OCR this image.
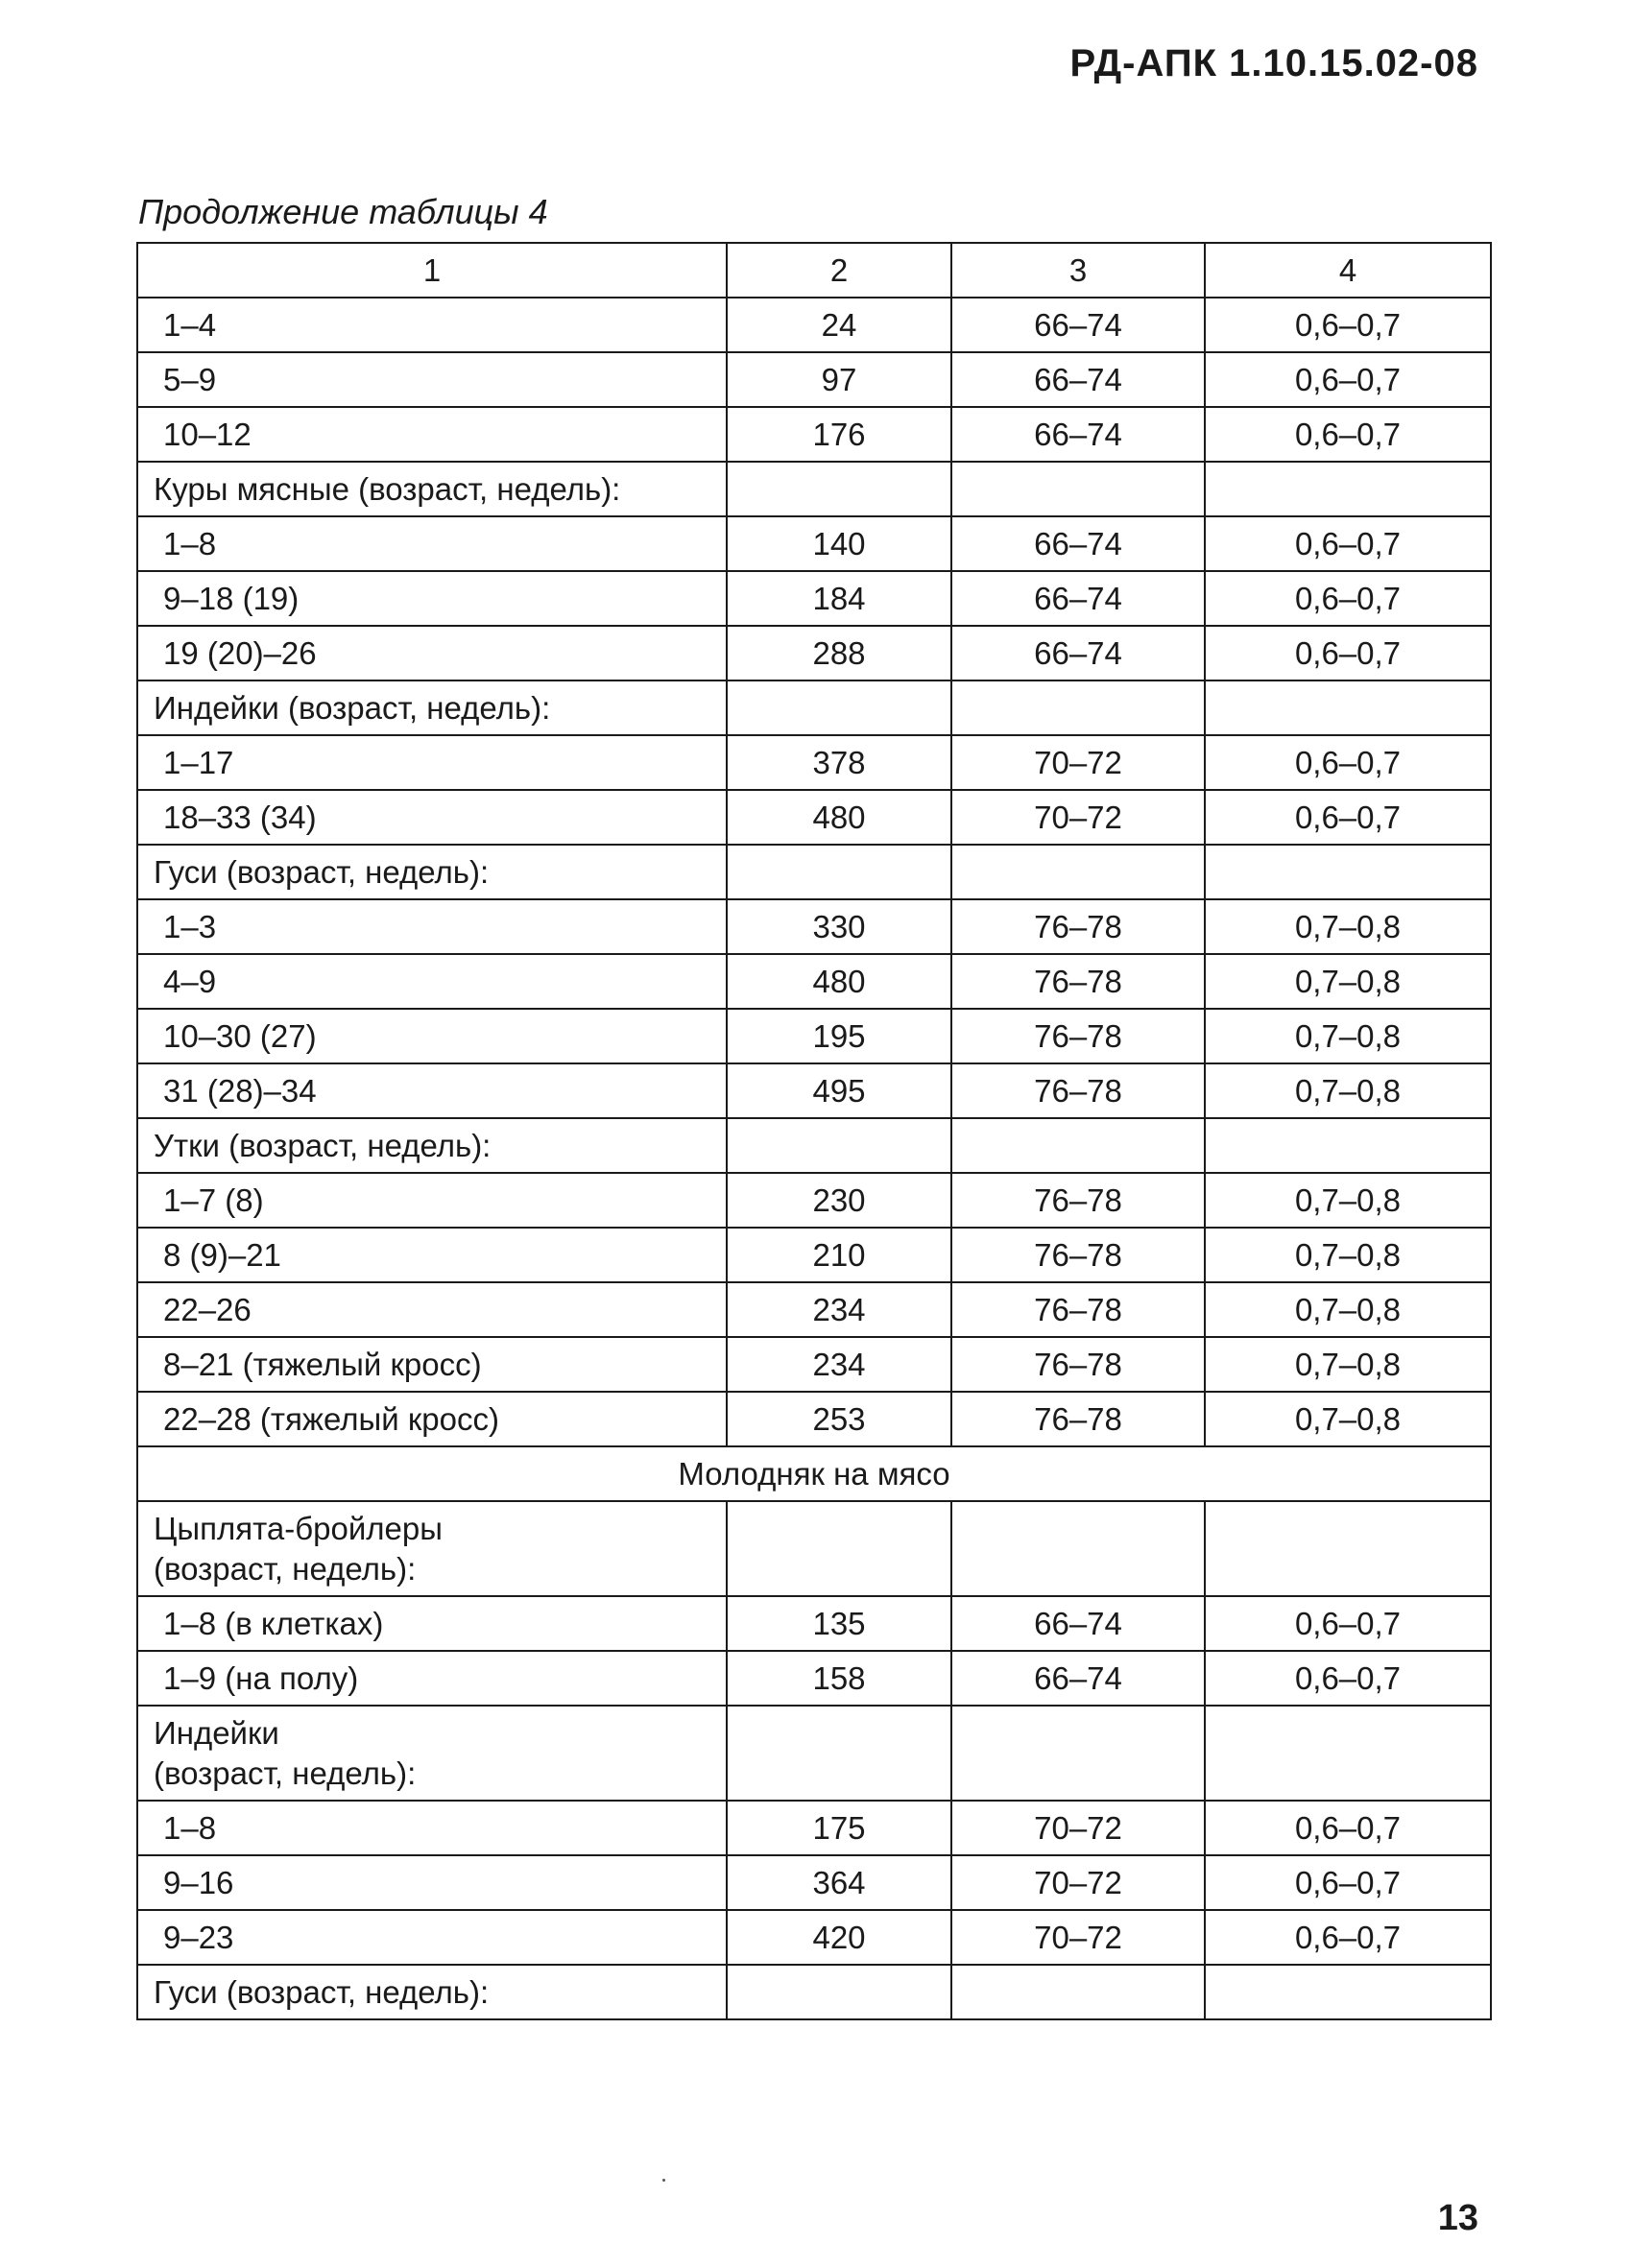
РД-АПК 1.10.15.02-08
Продолжение таблицы 4
1	2	3	4
1–4	24	66–74	0,6–0,7
5–9	97	66–74	0,6–0,7
10–12	176	66–74	0,6–0,7
Куры мясные (возраст, недель):			
1–8	140	66–74	0,6–0,7
9–18 (19)	184	66–74	0,6–0,7
19 (20)–26	288	66–74	0,6–0,7
Индейки (возраст, недель):			
1–17	378	70–72	0,6–0,7
18–33 (34)	480	70–72	0,6–0,7
Гуси (возраст, недель):			
1–3	330	76–78	0,7–0,8
4–9	480	76–78	0,7–0,8
10–30 (27)	195	76–78	0,7–0,8
31 (28)–34	495	76–78	0,7–0,8
Утки (возраст, недель):			
1–7 (8)	230	76–78	0,7–0,8
8 (9)–21	210	76–78	0,7–0,8
22–26	234	76–78	0,7–0,8
8–21 (тяжелый кросс)	234	76–78	0,7–0,8
22–28 (тяжелый кросс)	253	76–78	0,7–0,8
Молодняк на мясо			

Цыплята-бройлеры
(возраст, недель):			

1–8 (в клетках)	135	66–74	0,6–0,7
1–9 (на полу)	158	66–74	0,6–0,7

Индейки
(возраст, недель):			

1–8	175	70–72	0,6–0,7
9–16	364	70–72	0,6–0,7
9–23	420	70–72	0,6–0,7
Гуси (возраст, недель):			
13
